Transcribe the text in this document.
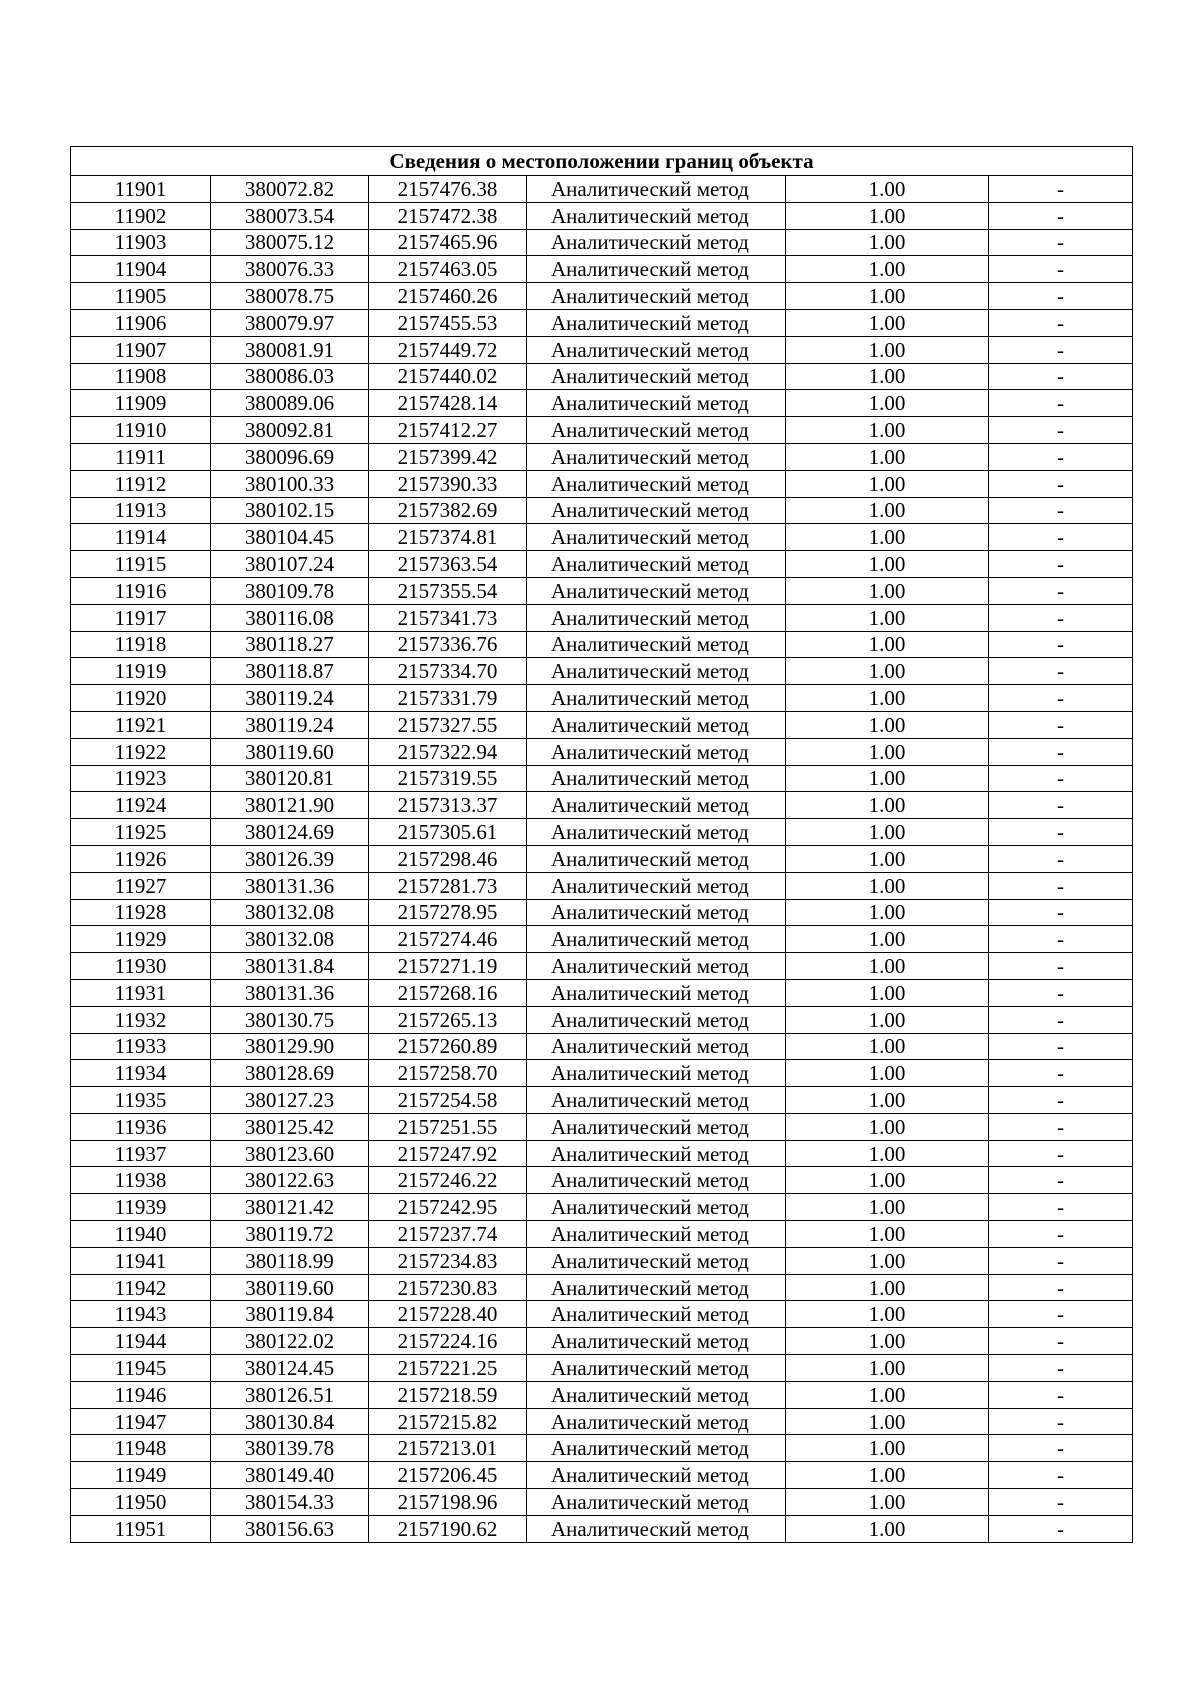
Сведения о местоположении границ объекта					
11901	380072.82	2157476.38	Аналитический метод	1.00	-
11902	380073.54	2157472.38	Аналитический метод	1.00	-
11903	380075.12	2157465.96	Аналитический метод	1.00	-
11904	380076.33	2157463.05	Аналитический метод	1.00	-
11905	380078.75	2157460.26	Аналитический метод	1.00	-
11906	380079.97	2157455.53	Аналитический метод	1.00	-
11907	380081.91	2157449.72	Аналитический метод	1.00	-
11908	380086.03	2157440.02	Аналитический метод	1.00	-
11909	380089.06	2157428.14	Аналитический метод	1.00	-
11910	380092.81	2157412.27	Аналитический метод	1.00	-
11911	380096.69	2157399.42	Аналитический метод	1.00	-
11912	380100.33	2157390.33	Аналитический метод	1.00	-
11913	380102.15	2157382.69	Аналитический метод	1.00	-
11914	380104.45	2157374.81	Аналитический метод	1.00	-
11915	380107.24	2157363.54	Аналитический метод	1.00	-
11916	380109.78	2157355.54	Аналитический метод	1.00	-
11917	380116.08	2157341.73	Аналитический метод	1.00	-
11918	380118.27	2157336.76	Аналитический метод	1.00	-
11919	380118.87	2157334.70	Аналитический метод	1.00	-
11920	380119.24	2157331.79	Аналитический метод	1.00	-
11921	380119.24	2157327.55	Аналитический метод	1.00	-
11922	380119.60	2157322.94	Аналитический метод	1.00	-
11923	380120.81	2157319.55	Аналитический метод	1.00	-
11924	380121.90	2157313.37	Аналитический метод	1.00	-
11925	380124.69	2157305.61	Аналитический метод	1.00	-
11926	380126.39	2157298.46	Аналитический метод	1.00	-
11927	380131.36	2157281.73	Аналитический метод	1.00	-
11928	380132.08	2157278.95	Аналитический метод	1.00	-
11929	380132.08	2157274.46	Аналитический метод	1.00	-
11930	380131.84	2157271.19	Аналитический метод	1.00	-
11931	380131.36	2157268.16	Аналитический метод	1.00	-
11932	380130.75	2157265.13	Аналитический метод	1.00	-
11933	380129.90	2157260.89	Аналитический метод	1.00	-
11934	380128.69	2157258.70	Аналитический метод	1.00	-
11935	380127.23	2157254.58	Аналитический метод	1.00	-
11936	380125.42	2157251.55	Аналитический метод	1.00	-
11937	380123.60	2157247.92	Аналитический метод	1.00	-
11938	380122.63	2157246.22	Аналитический метод	1.00	-
11939	380121.42	2157242.95	Аналитический метод	1.00	-
11940	380119.72	2157237.74	Аналитический метод	1.00	-
11941	380118.99	2157234.83	Аналитический метод	1.00	-
11942	380119.60	2157230.83	Аналитический метод	1.00	-
11943	380119.84	2157228.40	Аналитический метод	1.00	-
11944	380122.02	2157224.16	Аналитический метод	1.00	-
11945	380124.45	2157221.25	Аналитический метод	1.00	-
11946	380126.51	2157218.59	Аналитический метод	1.00	-
11947	380130.84	2157215.82	Аналитический метод	1.00	-
11948	380139.78	2157213.01	Аналитический метод	1.00	-
11949	380149.40	2157206.45	Аналитический метод	1.00	-
11950	380154.33	2157198.96	Аналитический метод	1.00	-
11951	380156.63	2157190.62	Аналитический метод	1.00	-
